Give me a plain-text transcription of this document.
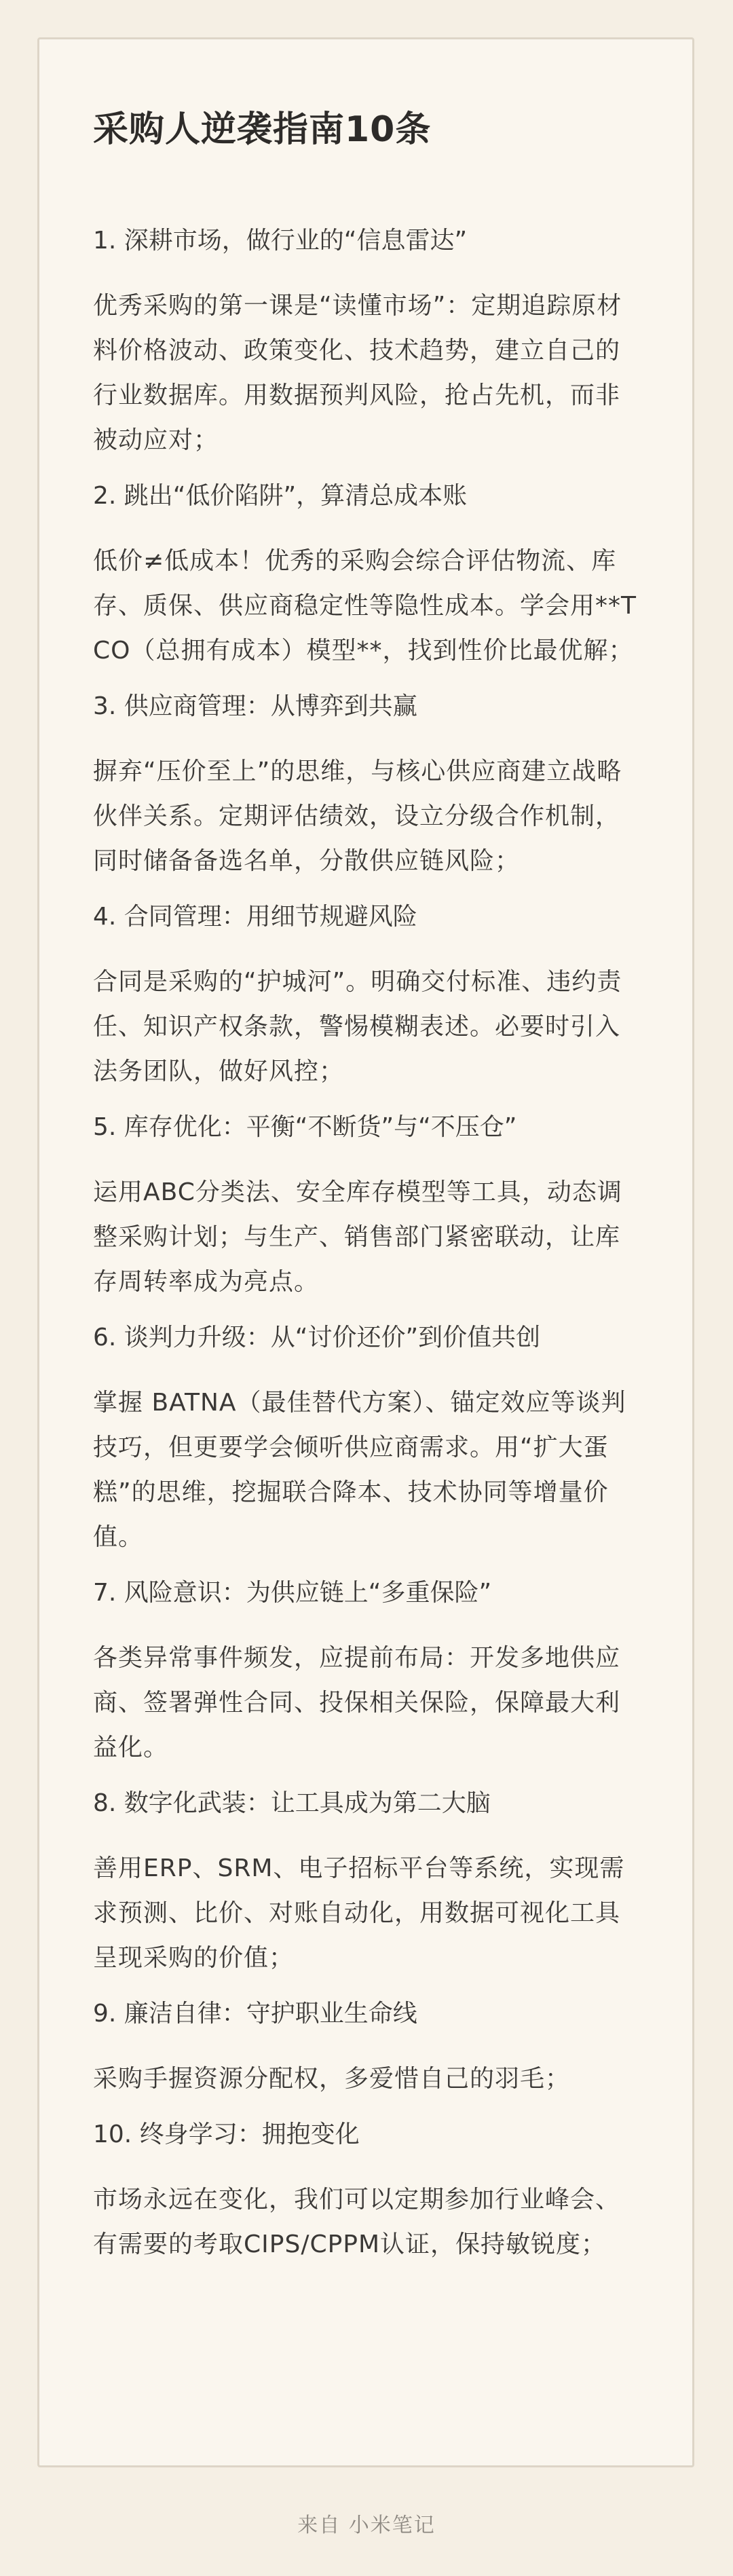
采购人逆袭指南10条

1. 深耕市场，做行业的“信息雷达”

优秀采购的第一课是“读懂市场”：定期追踪原材料价格波动、政策变化、技术趋势，建立自己的行业数据库。用数据预判风险，抢占先机，而非被动应对；

2. 跳出“低价陷阱”，算清总成本账

低价≠低成本！优秀的采购会综合评估物流、库存、质保、供应商稳定性等隐性成本。学会用**TCO（总拥有成本）模型**，找到性价比最优解；

3. 供应商管理：从博弈到共赢

摒弃“压价至上”的思维，与核心供应商建立战略伙伴关系。定期评估绩效，设立分级合作机制，同时储备备选名单，分散供应链风险；

4. 合同管理：用细节规避风险

合同是采购的“护城河”。明确交付标准、违约责任、知识产权条款，警惕模糊表述。必要时引入法务团队，做好风控；

5. 库存优化：平衡“不断货”与“不压仓”

运用ABC分类法、安全库存模型等工具，动态调整采购计划；与生产、销售部门紧密联动，让库存周转率成为亮点。

6. 谈判力升级：从“讨价还价”到价值共创

掌握 BATNA（最佳替代方案）、锚定效应等谈判技巧，但更要学会倾听供应商需求。用“扩大蛋糕”的思维，挖掘联合降本、技术协同等增量价值。

7. 风险意识：为供应链上“多重保险”

各类异常事件频发，应提前布局：开发多地供应商、签署弹性合同、投保相关保险，保障最大利益化。

8. 数字化武装：让工具成为第二大脑

善用ERP、SRM、电子招标平台等系统，实现需求预测、比价、对账自动化，用数据可视化工具呈现采购的价值；

9. 廉洁自律：守护职业生命线

采购手握资源分配权，多爱惜自己的羽毛；

10. 终身学习：拥抱变化

市场永远在变化，我们可以定期参加行业峰会、有需要的考取CIPS/CPPM认证，保持敏锐度；

来自 小米笔记
